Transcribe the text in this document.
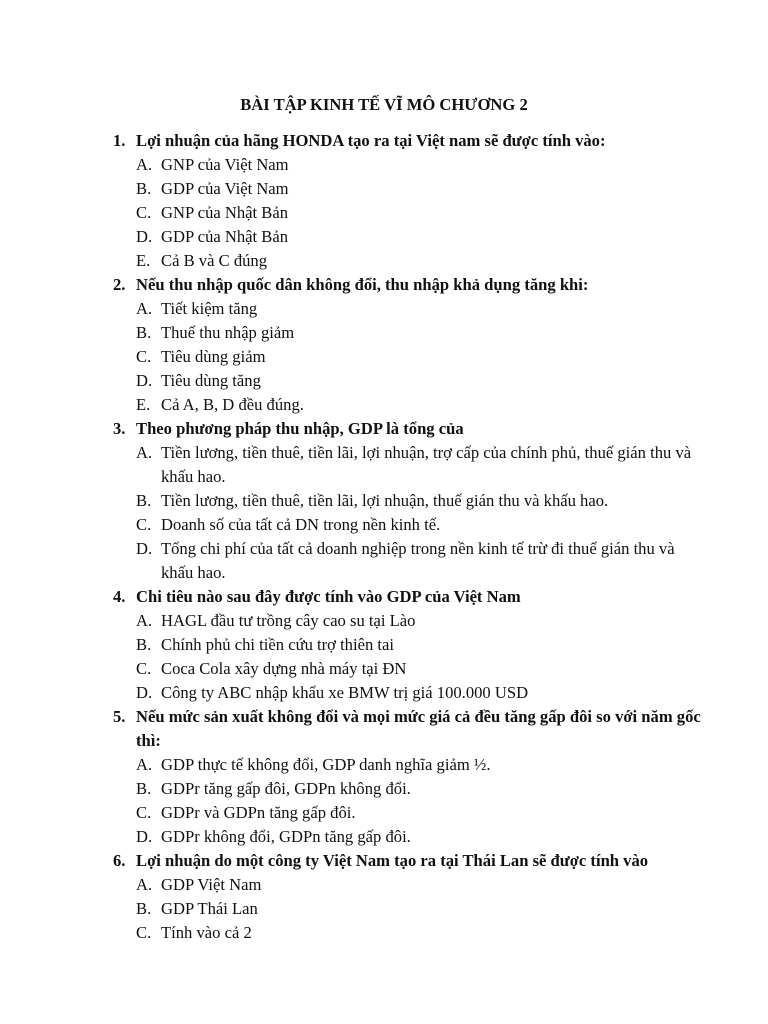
BÀI TẬP KINH TẾ VĨ MÔ CHƯƠNG 2
1. Lợi nhuận của hãng HONDA tạo ra tại Việt nam sẽ được tính vào:
A. GNP của Việt Nam
B. GDP của Việt Nam
C. GNP của Nhật Bản
D. GDP của Nhật Bản
E. Cả B và C đúng
2. Nếu thu nhập quốc dân không đổi, thu nhập khả dụng tăng khi:
A. Tiết kiệm tăng
B. Thuế thu nhập giảm
C. Tiêu dùng giảm
D. Tiêu dùng tăng
E. Cả A, B, D đều đúng.
3. Theo phương pháp thu nhập, GDP là tổng của
A. Tiền lương, tiền thuê, tiền lãi, lợi nhuận, trợ cấp của chính phủ, thuế gián thu và khấu hao.
B. Tiền lương, tiền thuê, tiền lãi, lợi nhuận, thuế gián thu và khấu hao.
C. Doanh số của tất cả DN trong nền kinh tế.
D. Tổng chi phí của tất cả doanh nghiệp trong nền kinh tế trừ đi thuế gián thu và khấu hao.
4. Chi tiêu nào sau đây được tính vào GDP của Việt Nam
A. HAGL đầu tư trồng cây cao su tại Lào
B. Chính phủ chi tiền cứu trợ thiên tai
C. Coca Cola xây dựng nhà máy tại ĐN
D. Công ty ABC nhập khẩu xe BMW trị giá 100.000 USD
5. Nếu mức sản xuất không đổi và mọi mức giá cả đều tăng gấp đôi so với năm gốc thì:
A. GDP thực tế không đổi, GDP danh nghĩa giảm ½.
B. GDPr tăng gấp đôi, GDPn không đổi.
C. GDPr và GDPn tăng gấp đôi.
D. GDPr không đổi, GDPn tăng gấp đôi.
6. Lợi nhuận do một công ty Việt Nam tạo ra tại Thái Lan sẽ được tính vào
A. GDP Việt Nam
B. GDP Thái Lan
C. Tính vào cả 2
